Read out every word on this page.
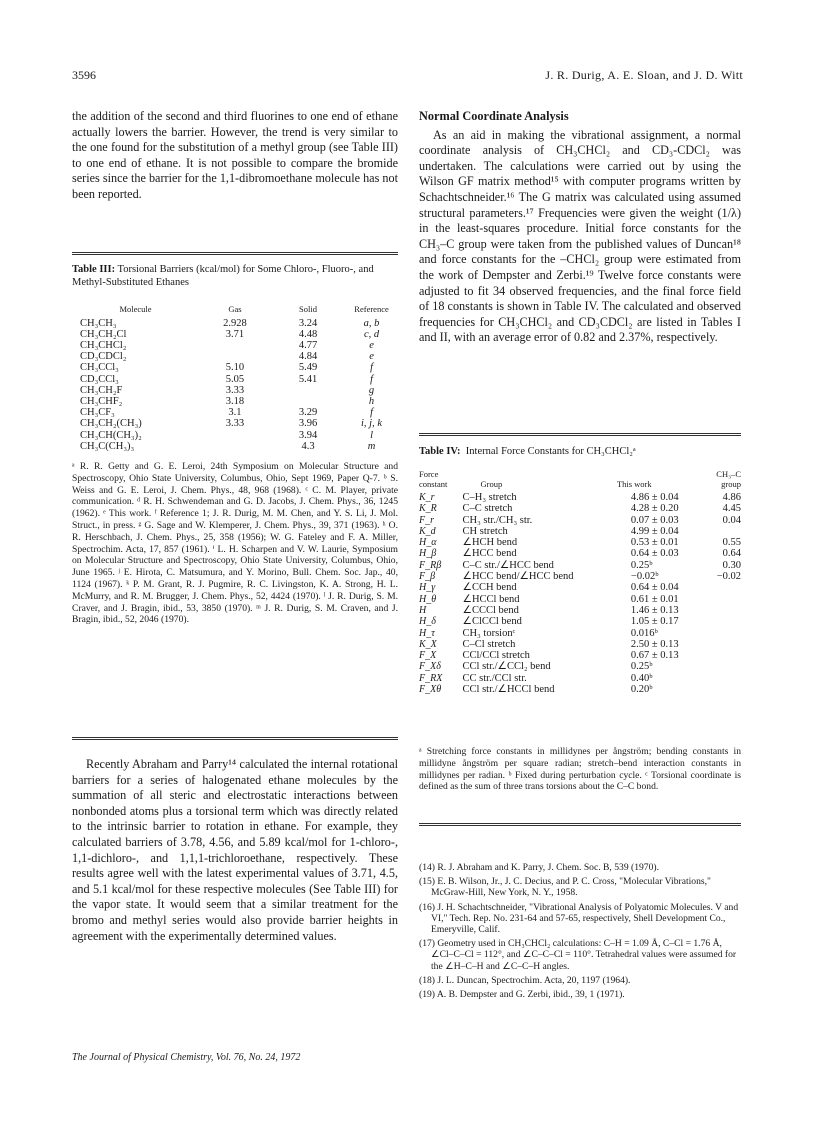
3596	J. R. Durig, A. E. Sloan, and J. D. Witt

the addition of the second and third fluorines to one end of ethane actually lowers the barrier. However, the trend is very similar to the one found for the substitution of a methyl group (see Table III) to one end of ethane. It is not possible to compare the bromide series since the barrier for the 1,1-dibromoethane molecule has not been reported.

Table III: Torsional Barriers (kcal/mol) for Some Chloro-, Fluoro-, and Methyl-Substituted Ethanes
Molecule	Gas	Solid	Reference
CH₃CH₃	2.928	3.24	a, b
CH₃CH₂Cl	3.71	4.48	c, d
CH₃CHCl₂		4.77	e
CD₃CDCl₂		4.84	e
CH₃CCl₃	5.10	5.49	f
CD₃CCl₃	5.05	5.41	f
CH₃CH₂F	3.33		g
CH₃CHF₂	3.18		h
CH₃CF₃	3.1	3.29	f
CH₃CH₂(CH₃)	3.33	3.96	i, j, k
CH₃CH(CH₃)₂		3.94	l
CH₃C(CH₃)₃		4.3	m
ᵃ R. R. Getty and G. E. Leroi, 24th Symposium on Molecular Structure and Spectroscopy, Ohio State University, Columbus, Ohio, Sept 1969, Paper Q-7. ᵇ S. Weiss and G. E. Leroi, J. Chem. Phys., 48, 968 (1968). ᶜ C. M. Player, private communication. ᵈ R. H. Schwendeman and G. D. Jacobs, J. Chem. Phys., 36, 1245 (1962). ᵉ This work. ᶠ Reference 1; J. R. Durig, M. M. Chen, and Y. S. Li, J. Mol. Struct., in press. ᵍ G. Sage and W. Klemperer, J. Chem. Phys., 39, 371 (1963). ʰ O. R. Herschbach, J. Chem. Phys., 25, 358 (1956); W. G. Fateley and F. A. Miller, Spectrochim. Acta, 17, 857 (1961). ⁱ L. H. Scharpen and V. W. Laurie, Symposium on Molecular Structure and Spectroscopy, Ohio State University, Columbus, Ohio, June 1965. ʲ E. Hirota, C. Matsumura, and Y. Morino, Bull. Chem. Soc. Jap., 40, 1124 (1967). ᵏ P. M. Grant, R. J. Pugmire, R. C. Livingston, K. A. Strong, H. L. McMurry, and R. M. Brugger, J. Chem. Phys., 52, 4424 (1970). ˡ J. R. Durig, S. M. Craver, and J. Bragin, ibid., 53, 3850 (1970). ᵐ J. R. Durig, S. M. Craven, and J. Bragin, ibid., 52, 2046 (1970).

Recently Abraham and Parry¹⁴ calculated the internal rotational barriers for a series of halogenated ethane molecules by the summation of all steric and electrostatic interactions between nonbonded atoms plus a torsional term which was directly related to the intrinsic barrier to rotation in ethane. For example, they calculated barriers of 3.78, 4.56, and 5.89 kcal/mol for 1-chloro-, 1,1-dichloro-, and 1,1,1-trichloroethane, respectively. These results agree well with the latest experimental values of 3.71, 4.5, and 5.1 kcal/mol for these respective molecules (See Table III) for the vapor state. It would seem that a similar treatment for the bromo and methyl series would also provide barrier heights in agreement with the experimentally determined values.

The Journal of Physical Chemistry, Vol. 76, No. 24, 1972
Normal Coordinate Analysis

As an aid in making the vibrational assignment, a normal coordinate analysis of CH₃CHCl₂ and CD₃-CDCl₂ was undertaken. The calculations were carried out by using the Wilson GF matrix method¹⁵ with computer programs written by Schachtschneider.¹⁶ The G matrix was calculated using assumed structural parameters.¹⁷ Frequencies were given the weight (1/λ) in the least-squares procedure. Initial force constants for the CH₃–C group were taken from the published values of Duncan¹⁸ and force constants for the –CHCl₂ group were estimated from the work of Dempster and Zerbi.¹⁹ Twelve force constants were adjusted to fit 34 observed frequencies, and the final force field of 18 constants is shown in Table IV. The calculated and observed frequencies for CH₃CHCl₂ and CD₃CDCl₂ are listed in Tables I and II, with an average error of 0.82 and 2.37%, respectively.

Table IV: Internal Force Constants for CH₃CHCl₂ᵃ
Force constant	Group	This work	CH₃–C group
K_r	C–H₃ stretch	4.86 ± 0.04	4.86
K_R	C–C stretch	4.28 ± 0.20	4.45
F_r	CH₃ str./CH₃ str.	0.07 ± 0.03	0.04
K_d	CH stretch	4.99 ± 0.04	
H_α	∠HCH bend	0.53 ± 0.01	0.55
H_β	∠HCC bend	0.64 ± 0.03	0.64
F_Rβ	C–C str./∠HCC bend	0.25ᵇ	0.30
F_β	∠HCC bend/∠HCC bend	−0.02ᵇ	−0.02
H_γ	∠CCH bend	0.64 ± 0.04	
H_θ	∠HCCl bend	0.61 ± 0.01	
H	∠CCCl bend	1.46 ± 0.13	
H_δ	∠ClCCl bend	1.05 ± 0.17	
H_τ	CH₃ torsionᶜ	0.016ᵇ	
K_X	C–Cl stretch	2.50 ± 0.13	
F_X	CCl/CCl stretch	0.67 ± 0.13	
F_Xδ	CCl str./∠CCl₂ bend	0.25ᵇ	
F_RX	CC str./CCl str.	0.40ᵇ	
F_Xθ	CCl str./∠HCCl bend	0.20ᵇ	
ᵃ Stretching force constants in millidynes per ångström; bending constants in millidyne ångström per square radian; stretch–bend interaction constants in millidynes per radian. ᵇ Fixed during perturbation cycle. ᶜ Torsional coordinate is defined as the sum of three trans torsions about the C–C bond.

(14) R. J. Abraham and K. Parry, J. Chem. Soc. B, 539 (1970).

(15) E. B. Wilson, Jr., J. C. Decius, and P. C. Cross, "Molecular Vibrations," McGraw-Hill, New York, N. Y., 1958.

(16) J. H. Schachtschneider, "Vibrational Analysis of Polyatomic Molecules. V and VI," Tech. Rep. No. 231-64 and 57-65, respectively, Shell Development Co., Emeryville, Calif.

(17) Geometry used in CH₃CHCl₂ calculations: C–H = 1.09 Å, C–Cl = 1.76 Å, ∠Cl–C–Cl = 112°, and ∠C–C–Cl = 110°. Tetrahedral values were assumed for the ∠H–C–H and ∠C–C–H angles.

(18) J. L. Duncan, Spectrochim. Acta, 20, 1197 (1964).

(19) A. B. Dempster and G. Zerbi, ibid., 39, 1 (1971).
